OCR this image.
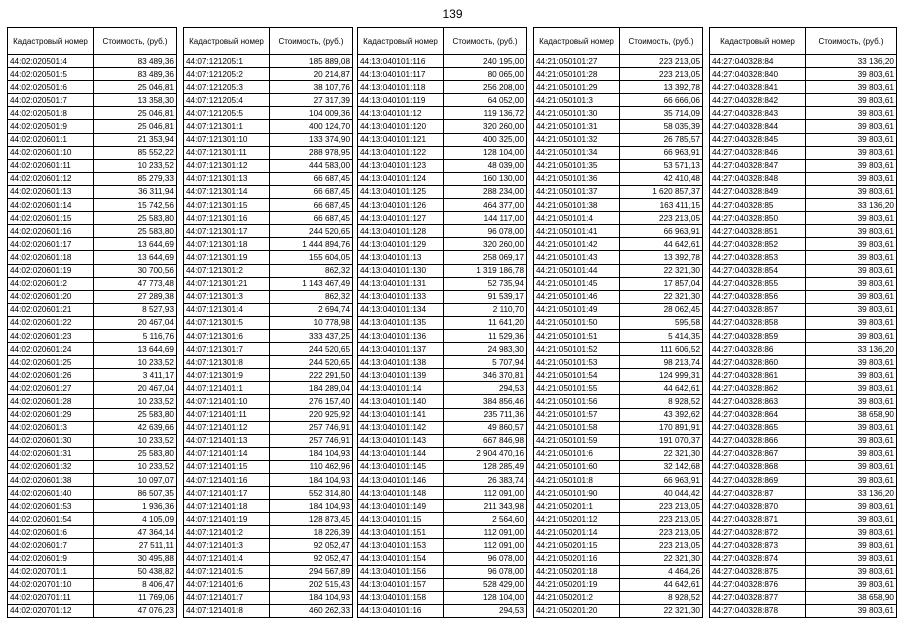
139
Кадастровый номер	Стоимость, (руб.)
44:02:020501:4	83 489,36
44:02:020501:5	83 489,36
44:02:020501:6	25 046,81
44:02:020501:7	13 358,30
44:02:020501:8	25 046,81
44:02:020501:9	25 046,81
44:02:020601:1	21 353,94
44:02:020601:10	85 552,22
44:02:020601:11	10 233,52
44:02:020601:12	85 279,33
44:02:020601:13	36 311,94
44:02:020601:14	15 742,56
44:02:020601:15	25 583,80
44:02:020601:16	25 583,80
44:02:020601:17	13 644,69
44:02:020601:18	13 644,69
44:02:020601:19	30 700,56
44:02:020601:2	47 773,48
44:02:020601:20	27 289,38
44:02:020601:21	8 527,93
44:02:020601:22	20 467,04
44:02:020601:23	5 116,76
44:02:020601:24	13 644,69
44:02:020601:25	10 233,52
44:02:020601:26	3 411,17
44:02:020601:27	20 467,04
44:02:020601:28	10 233,52
44:02:020601:29	25 583,80
44:02:020601:3	42 639,66
44:02:020601:30	10 233,52
44:02:020601:31	25 583,80
44:02:020601:32	10 233,52
44:02:020601:38	10 097,07
44:02:020601:40	86 507,35
44:02:020601:53	1 936,36
44:02:020601:54	4 105,09
44:02:020601:6	47 364,14
44:02:020601:7	27 511,11
44:02:020601:9	30 495,88
44:02:020701:1	50 438,82
44:02:020701:10	8 406,47
44:02:020701:11	11 769,06
44:02:020701:12	47 076,23
Кадастровый номер	Стоимость, (руб.)
44:07:121205:1	185 889,08
44:07:121205:2	20 214,87
44:07:121205:3	38 107,76
44:07:121205:4	27 317,39
44:07:121205:5	104 009,36
44:07:121301:1	400 124,70
44:07:121301:10	133 374,90
44:07:121301:11	288 978,95
44:07:121301:12	444 583,00
44:07:121301:13	66 687,45
44:07:121301:14	66 687,45
44:07:121301:15	66 687,45
44:07:121301:16	66 687,45
44:07:121301:17	244 520,65
44:07:121301:18	1 444 894,76
44:07:121301:19	155 604,05
44:07:121301:2	862,32
44:07:121301:21	1 143 467,49
44:07:121301:3	862,32
44:07:121301:4	2 694,74
44:07:121301:5	10 778,98
44:07:121301:6	333 437,25
44:07:121301:7	244 520,65
44:07:121301:8	244 520,65
44:07:121301:9	222 291,50
44:07:121401:1	184 289,04
44:07:121401:10	276 157,40
44:07:121401:11	220 925,92
44:07:121401:12	257 746,91
44:07:121401:13	257 746,91
44:07:121401:14	184 104,93
44:07:121401:15	110 462,96
44:07:121401:16	184 104,93
44:07:121401:17	552 314,80
44:07:121401:18	184 104,93
44:07:121401:19	128 873,45
44:07:121401:2	18 226,39
44:07:121401:3	92 052,47
44:07:121401:4	92 052,47
44:07:121401:5	294 567,89
44:07:121401:6	202 515,43
44:07:121401:7	184 104,93
44:07:121401:8	460 262,33
Кадастровый номер	Стоимость, (руб.)
44:13:040101:116	240 195,00
44:13:040101:117	80 065,00
44:13:040101:118	256 208,00
44:13:040101:119	64 052,00
44:13:040101:12	119 136,72
44:13:040101:120	320 260,00
44:13:040101:121	400 325,00
44:13:040101:122	128 104,00
44:13:040101:123	48 039,00
44:13:040101:124	160 130,00
44:13:040101:125	288 234,00
44:13:040101:126	464 377,00
44:13:040101:127	144 117,00
44:13:040101:128	96 078,00
44:13:040101:129	320 260,00
44:13:040101:13	258 069,17
44:13:040101:130	1 319 186,78
44:13:040101:131	52 735,94
44:13:040101:133	91 539,17
44:13:040101:134	2 110,70
44:13:040101:135	11 641,20
44:13:040101:136	11 529,36
44:13:040101:137	24 983,30
44:13:040101:138	5 707,94
44:13:040101:139	346 370,81
44:13:040101:14	294,53
44:13:040101:140	384 856,46
44:13:040101:141	235 711,36
44:13:040101:142	49 860,57
44:13:040101:143	667 846,98
44:13:040101:144	2 904 470,16
44:13:040101:145	128 285,49
44:13:040101:146	26 383,74
44:13:040101:148	112 091,00
44:13:040101:149	211 343,98
44:13:040101:15	2 564,60
44:13:040101:151	112 091,00
44:13:040101:153	112 091,00
44:13:040101:154	96 078,00
44:13:040101:156	96 078,00
44:13:040101:157	528 429,00
44:13:040101:158	128 104,00
44:13:040101:16	294,53
Кадастровый номер	Стоимость, (руб.)
44:21:050101:27	223 213,05
44:21:050101:28	223 213,05
44:21:050101:29	13 392,78
44:21:050101:3	66 666,06
44:21:050101:30	35 714,09
44:21:050101:31	58 035,39
44:21:050101:32	26 785,57
44:21:050101:34	66 963,91
44:21:050101:35	53 571,13
44:21:050101:36	42 410,48
44:21:050101:37	1 620 857,37
44:21:050101:38	163 411,15
44:21:050101:4	223 213,05
44:21:050101:41	66 963,91
44:21:050101:42	44 642,61
44:21:050101:43	13 392,78
44:21:050101:44	22 321,30
44:21:050101:45	17 857,04
44:21:050101:46	22 321,30
44:21:050101:49	28 062,45
44:21:050101:50	595,58
44:21:050101:51	5 414,35
44:21:050101:52	111 606,52
44:21:050101:53	98 213,74
44:21:050101:54	124 999,31
44:21:050101:55	44 642,61
44:21:050101:56	8 928,52
44:21:050101:57	43 392,62
44:21:050101:58	170 891,91
44:21:050101:59	191 070,37
44:21:050101:6	22 321,30
44:21:050101:60	32 142,68
44:21:050101:8	66 963,91
44:21:050101:90	40 044,42
44:21:050201:1	223 213,05
44:21:050201:12	223 213,05
44:21:050201:14	223 213,05
44:21:050201:15	223 213,05
44:21:050201:16	22 321,30
44:21:050201:18	4 464,26
44:21:050201:19	44 642,61
44:21:050201:2	8 928,52
44:21:050201:20	22 321,30
Кадастровый номер	Стоимость, (руб.)
44:27:040328:84	33 136,20
44:27:040328:840	39 803,61
44:27:040328:841	39 803,61
44:27:040328:842	39 803,61
44:27:040328:843	39 803,61
44:27:040328:844	39 803,61
44:27:040328:845	39 803,61
44:27:040328:846	39 803,61
44:27:040328:847	39 803,61
44:27:040328:848	39 803,61
44:27:040328:849	39 803,61
44:27:040328:85	33 136,20
44:27:040328:850	39 803,61
44:27:040328:851	39 803,61
44:27:040328:852	39 803,61
44:27:040328:853	39 803,61
44:27:040328:854	39 803,61
44:27:040328:855	39 803,61
44:27:040328:856	39 803,61
44:27:040328:857	39 803,61
44:27:040328:858	39 803,61
44:27:040328:859	39 803,61
44:27:040328:86	33 136,20
44:27:040328:860	39 803,61
44:27:040328:861	39 803,61
44:27:040328:862	39 803,61
44:27:040328:863	39 803,61
44:27:040328:864	38 658,90
44:27:040328:865	39 803,61
44:27:040328:866	39 803,61
44:27:040328:867	39 803,61
44:27:040328:868	39 803,61
44:27:040328:869	39 803,61
44:27:040328:87	33 136,20
44:27:040328:870	39 803,61
44:27:040328:871	39 803,61
44:27:040328:872	39 803,61
44:27:040328:873	39 803,61
44:27:040328:874	39 803,61
44:27:040328:875	39 803,61
44:27:040328:876	39 803,61
44:27:040328:877	38 658,90
44:27:040328:878	39 803,61
